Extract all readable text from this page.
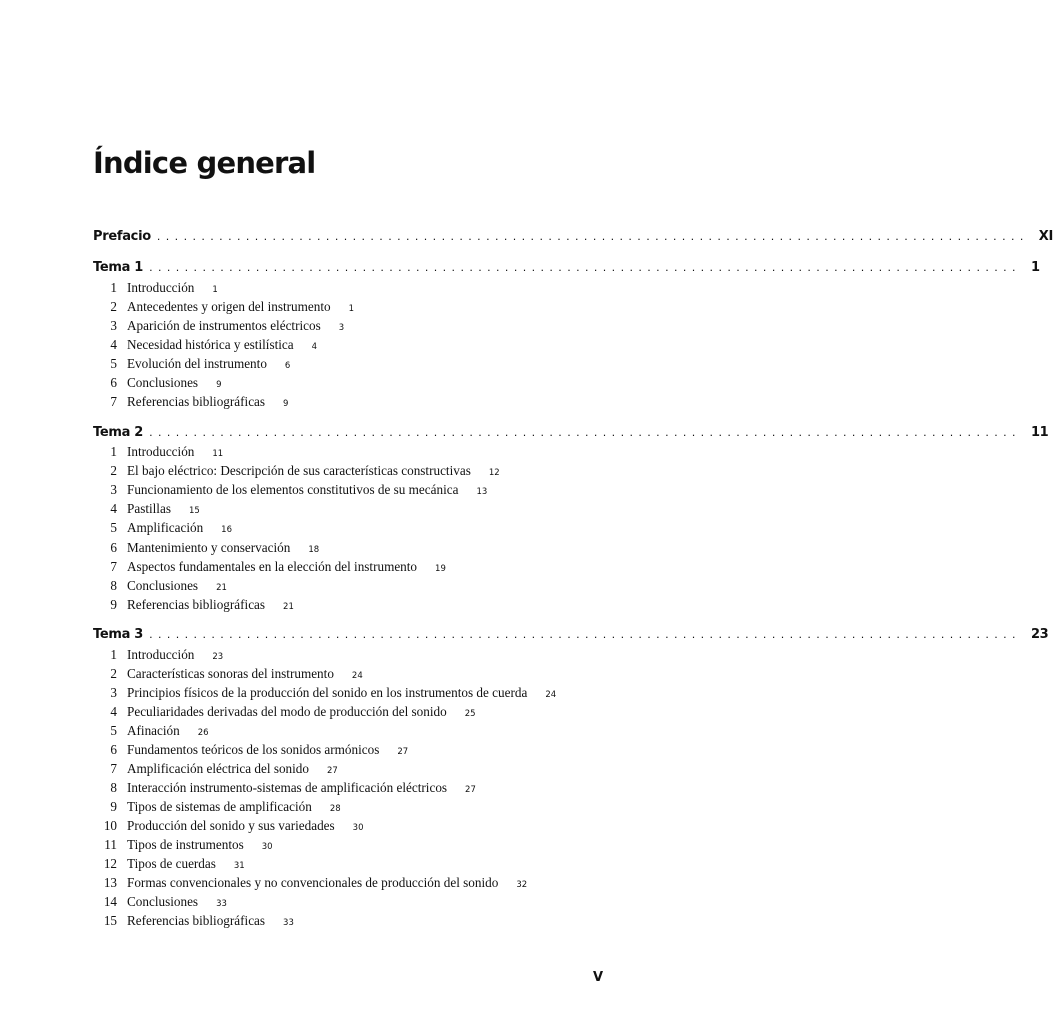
Índice general
Prefacio .................................................................................................. XI
Tema 1 .................................................................................................. 1
1 Introducción 1
2 Antecedentes y origen del instrumento 1
3 Aparición de instrumentos eléctricos 3
4 Necesidad histórica y estilística 4
5 Evolución del instrumento 6
6 Conclusiones 9
7 Referencias bibliográficas 9
Tema 2 .................................................................................................. 11
1 Introducción 11
2 El bajo eléctrico: Descripción de sus características constructivas 12
3 Funcionamiento de los elementos constitutivos de su mecánica 13
4 Pastillas 15
5 Amplificación 16
6 Mantenimiento y conservación 18
7 Aspectos fundamentales en la elección del instrumento 19
8 Conclusiones 21
9 Referencias bibliográficas 21
Tema 3 .................................................................................................. 23
1 Introducción 23
2 Características sonoras del instrumento 24
3 Principios físicos de la producción del sonido en los instrumentos de cuerda 24
4 Peculiaridades derivadas del modo de producción del sonido 25
5 Afinación 26
6 Fundamentos teóricos de los sonidos armónicos 27
7 Amplificación eléctrica del sonido 27
8 Interacción instrumento-sistemas de amplificación eléctricos 27
9 Tipos de sistemas de amplificación 28
10 Producción del sonido y sus variedades 30
11 Tipos de instrumentos 30
12 Tipos de cuerdas 31
13 Formas convencionales y no convencionales de producción del sonido 32
14 Conclusiones 33
15 Referencias bibliográficas 33
V
